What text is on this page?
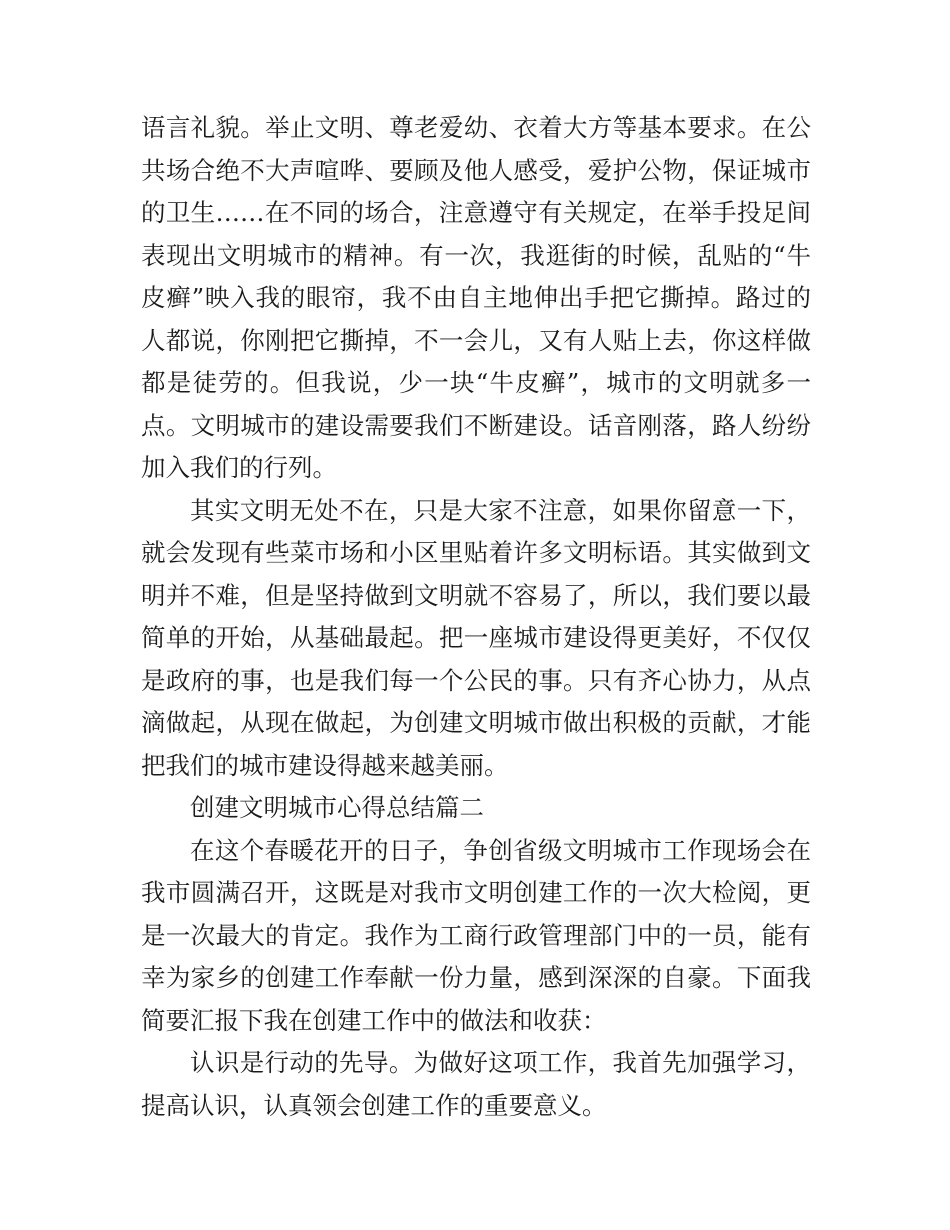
语言礼貌。举止文明、尊老爱幼、衣着大方等基本要求。在公共场合绝不大声喧哗、要顾及他人感受，爱护公物，保证城市的卫生……在不同的场合，注意遵守有关规定，在举手投足间表现出文明城市的精神。有一次，我逛街的时候，乱贴的“牛皮癣”映入我的眼帘，我不由自主地伸出手把它撕掉。路过的人都说，你刚把它撕掉，不一会儿，又有人贴上去，你这样做都是徒劳的。但我说，少一块“牛皮癣”，城市的文明就多一点。文明城市的建设需要我们不断建设。话音刚落，路人纷纷加入我们的行列。

其实文明无处不在，只是大家不注意，如果你留意一下，就会发现有些菜市场和小区里贴着许多文明标语。其实做到文明并不难，但是坚持做到文明就不容易了，所以，我们要以最简单的开始，从基础最起。把一座城市建设得更美好，不仅仅是政府的事，也是我们每一个公民的事。只有齐心协力，从点滴做起，从现在做起，为创建文明城市做出积极的贡献，才能把我们的城市建设得越来越美丽。

创建文明城市心得总结篇二

在这个春暖花开的日子，争创省级文明城市工作现场会在我市圆满召开，这既是对我市文明创建工作的一次大检阅，更是一次最大的肯定。我作为工商行政管理部门中的一员，能有幸为家乡的创建工作奉献一份力量，感到深深的自豪。下面我简要汇报下我在创建工作中的做法和收获：

认识是行动的先导。为做好这项工作，我首先加强学习，提高认识，认真领会创建工作的重要意义。
